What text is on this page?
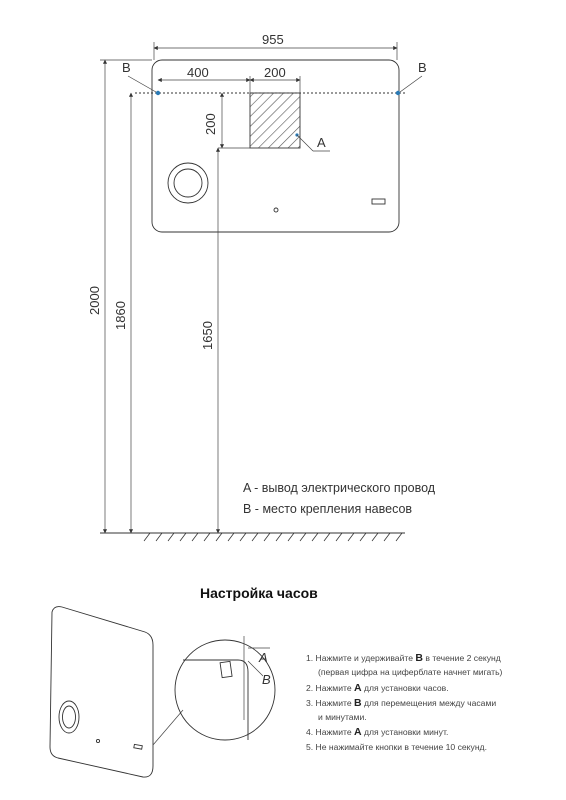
A
955
400	200
B	B
200
2000
1860
1650
A - вывод электрического провод
B - место крепления навесов
Настройка часов
A
B
1. Нажмите и удерживайте B в течение 2 секунд
(первая цифра на циферблате начнет мигать)
2. Нажмите A для установки часов.
3. Нажмите B для перемещения между часами
и минутами.
4. Нажмите A для установки минут.
5. Не нажимайте кнопки в течение 10 секунд.
